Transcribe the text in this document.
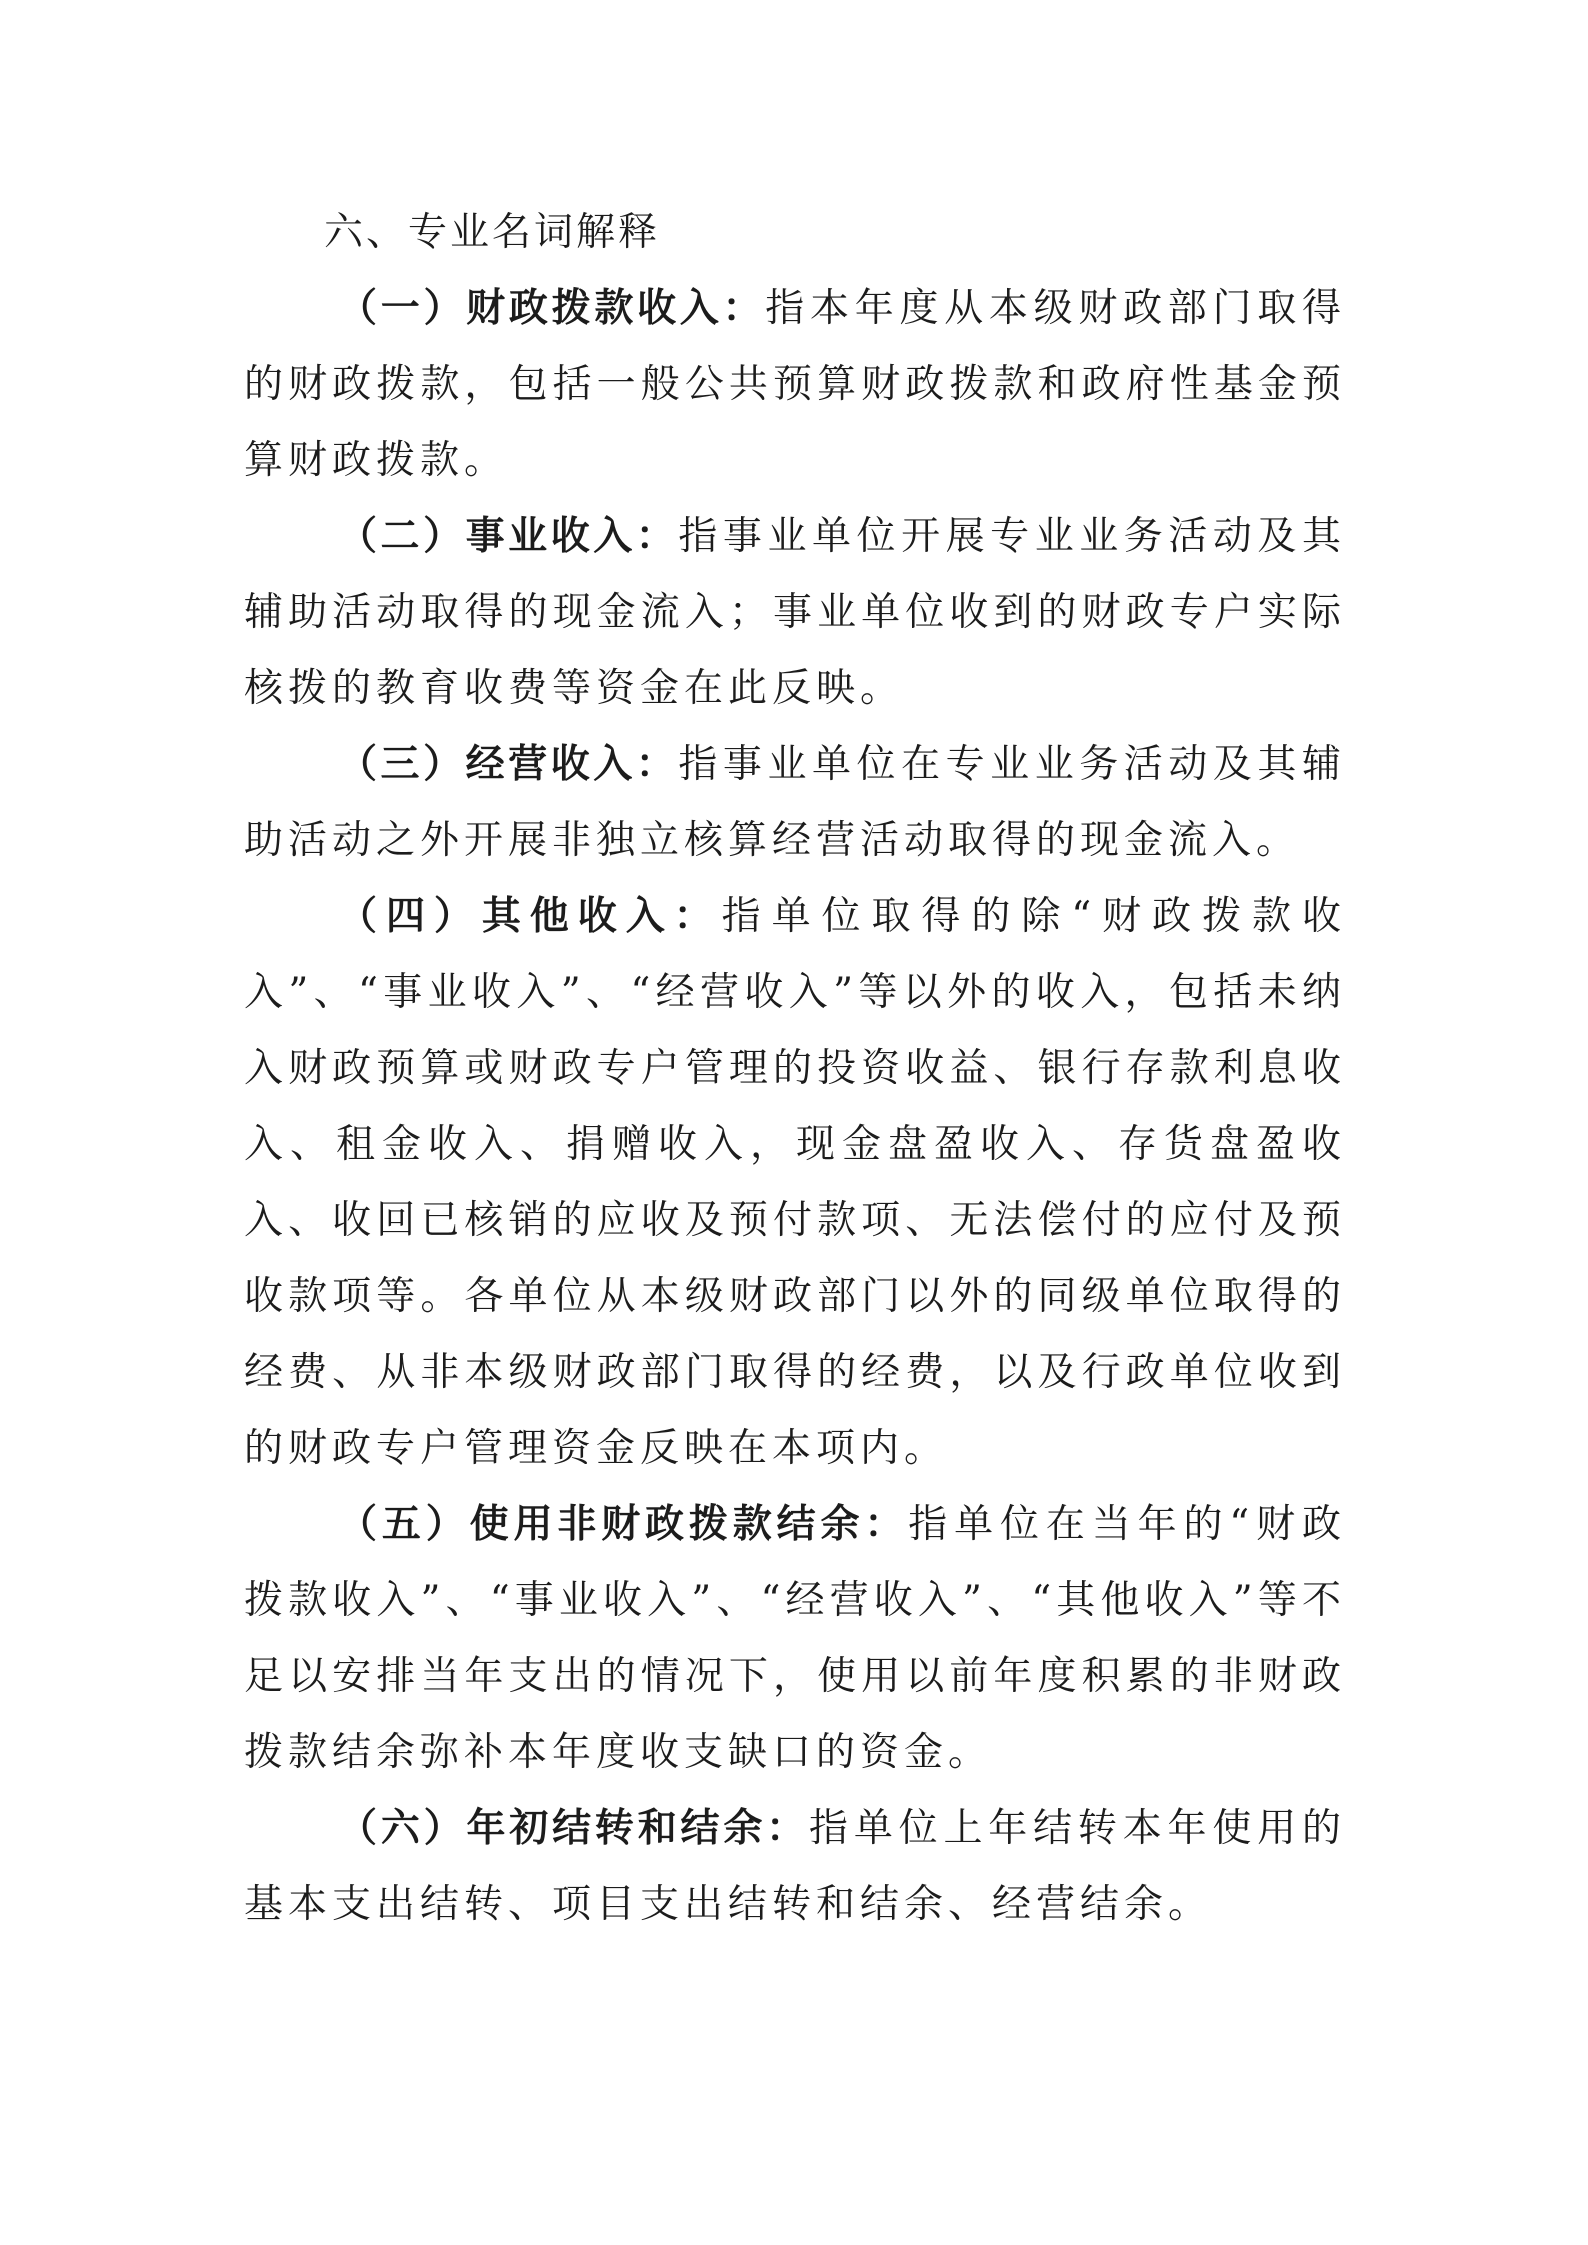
六、专业名词解释

（一）财政拨款收入：指本年度从本级财政部门取得的财政拨款，包括一般公共预算财政拨款和政府性基金预算财政拨款。

（二）事业收入：指事业单位开展专业业务活动及其辅助活动取得的现金流入；事业单位收到的财政专户实际核拨的教育收费等资金在此反映。

（三）经营收入：指事业单位在专业业务活动及其辅助活动之外开展非独立核算经营活动取得的现金流入。

（四）其他收入：指单位取得的除“财政拨款收入”、“事业收入”、“经营收入”等以外的收入，包括未纳入财政预算或财政专户管理的投资收益、银行存款利息收入、租金收入、捐赠收入，现金盘盈收入、存货盘盈收入、收回已核销的应收及预付款项、无法偿付的应付及预收款项等。各单位从本级财政部门以外的同级单位取得的经费、从非本级财政部门取得的经费，以及行政单位收到的财政专户管理资金反映在本项内。

（五）使用非财政拨款结余：指单位在当年的“财政拨款收入”、“事业收入”、“经营收入”、“其他收入”等不足以安排当年支出的情况下，使用以前年度积累的非财政拨款结余弥补本年度收支缺口的资金。

（六）年初结转和结余：指单位上年结转本年使用的基本支出结转、项目支出结转和结余、经营结余。
